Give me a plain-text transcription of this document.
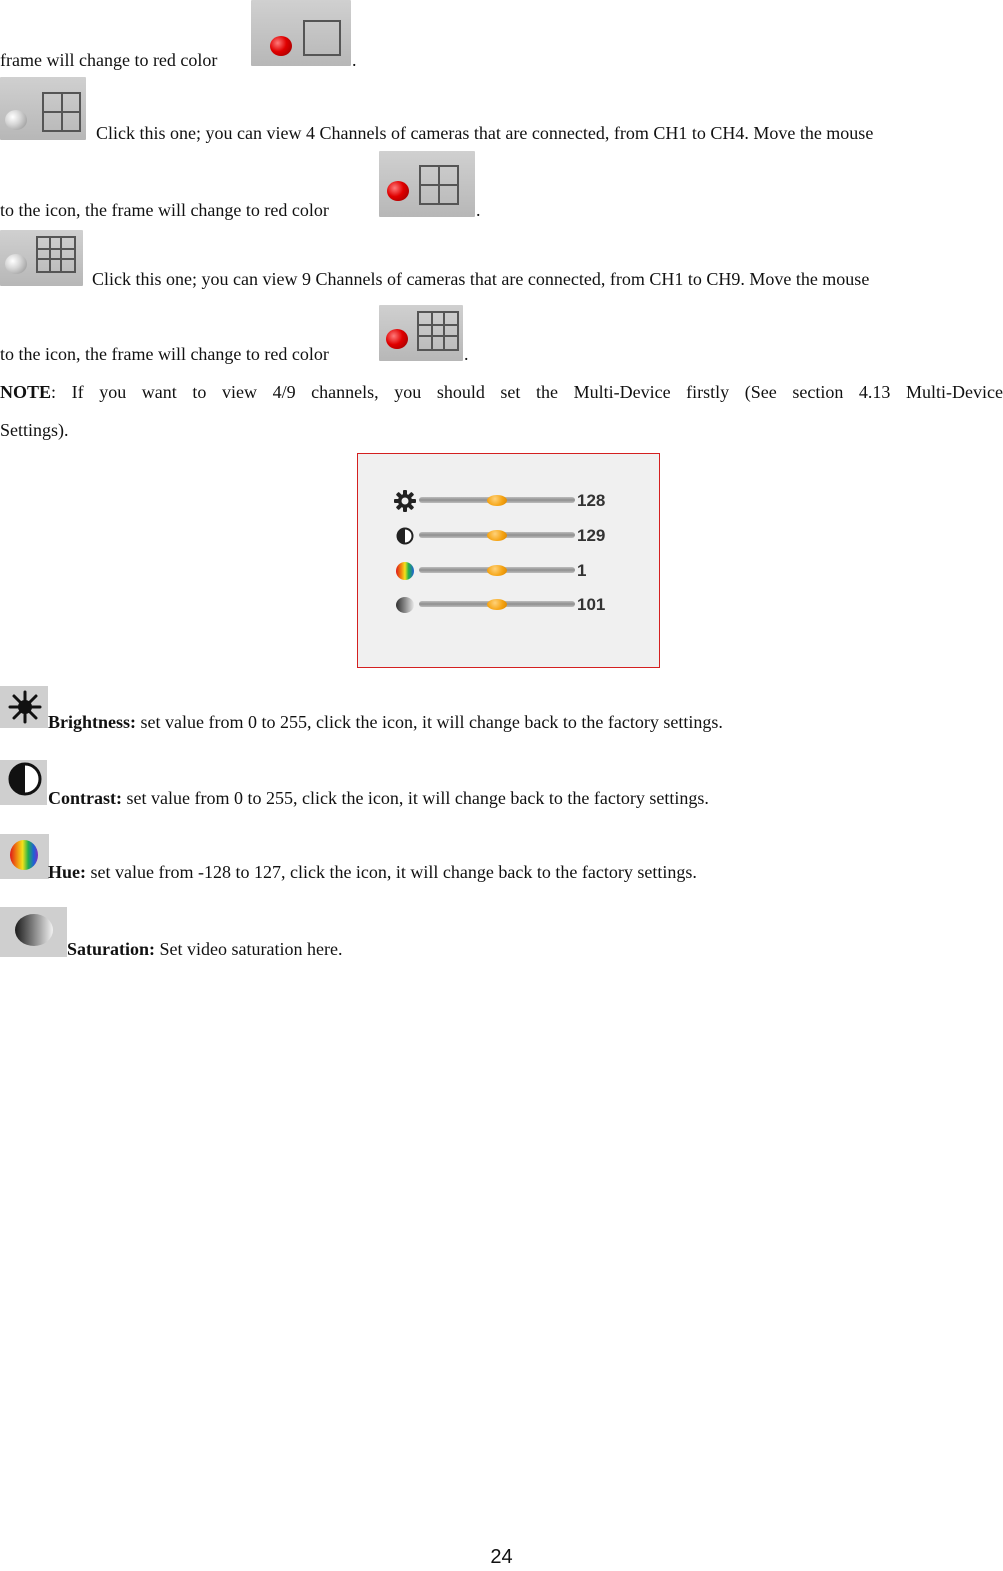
frame will change to red color	.
Click this one; you can view 4 Channels of cameras that are connected, from CH1 to CH4. Move the mouse
to the icon, the frame will change to red color	.
Click this one; you can view 9 Channels of cameras that are connected, from CH1 to CH9. Move the mouse
to the icon, the frame will change to red color	.
NOTE: If you want to view 4/9 channels, you should set the Multi-Device firstly (See section 4.13 Multi-Device
Settings).
128
129
1
101
Brightness: set value from 0 to 255, click the icon, it will change back to the factory settings.
Contrast: set value from 0 to 255, click the icon, it will change back to the factory settings.
Hue: set value from -128 to 127, click the icon, it will change back to the factory settings.
Saturation: Set video saturation here.
24
